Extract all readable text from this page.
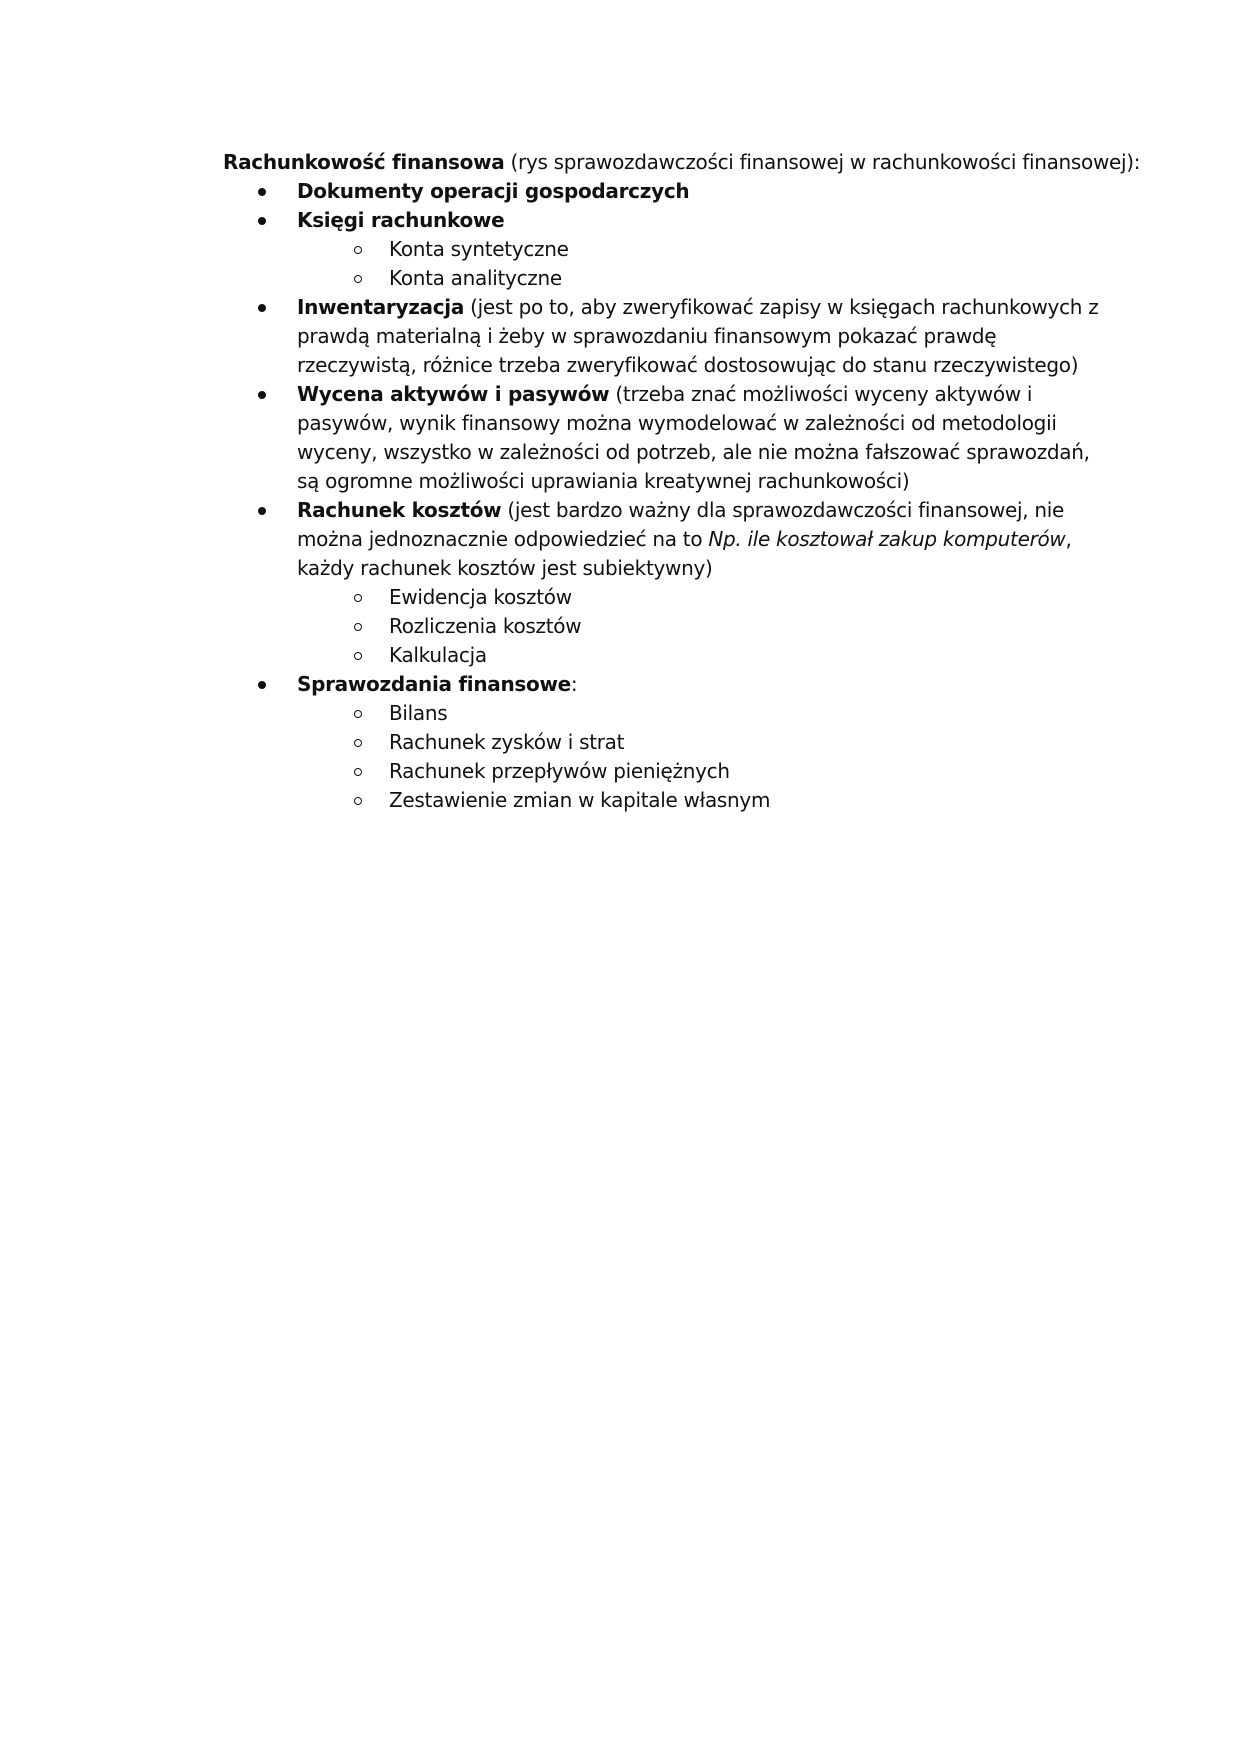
Rachunkowość finansowa (rys sprawozdawczości finansowej w rachunkowości finansowej):

Dokumenty operacji gospodarczych
Księgi rachunkowe
Konta syntetyczne
Konta analityczne
Inwentaryzacja (jest po to, aby zweryfikować zapisy w księgach rachunkowych z prawdą materialną i żeby w sprawozdaniu finansowym pokazać prawdę rzeczywistą, różnice trzeba zweryfikować dostosowując do stanu rzeczywistego)
Wycena aktywów i pasywów (trzeba znać możliwości wyceny aktywów i pasywów, wynik finansowy można wymodelować w zależności od metodologii wyceny, wszystko w zależności od potrzeb, ale nie można fałszować sprawozdań, są ogromne możliwości uprawiania kreatywnej rachunkowości)
Rachunek kosztów (jest bardzo ważny dla sprawozdawczości finansowej, nie można jednoznacznie odpowiedzieć na to Np. ile kosztował zakup komputerów, każdy rachunek kosztów jest subiektywny)
Ewidencja kosztów
Rozliczenia kosztów
Kalkulacja
Sprawozdania finansowe:
Bilans
Rachunek zysków i strat
Rachunek przepływów pieniężnych
Zestawienie zmian w kapitale własnym
